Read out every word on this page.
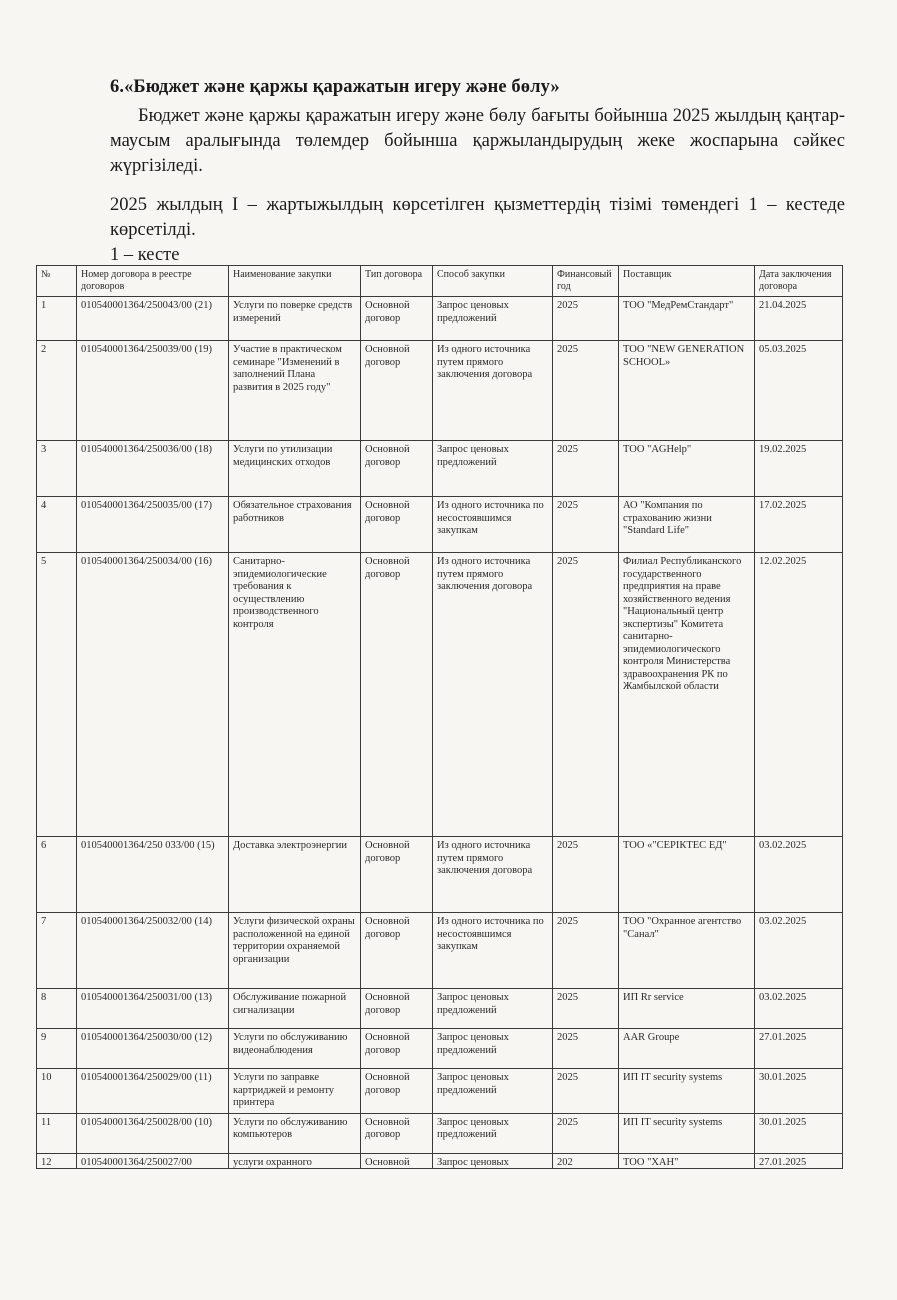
6.«Бюджет және қаржы қаражатын игеру және бөлу»
Бюджет және қаржы қаражатын игеру және бөлу бағыты бойынша 2025 жылдың қаңтар-маусым аралығында төлемдер бойынша қаржыландырудың жеке жоспарына сәйкес жүргізіледі.
2025 жылдың I – жартыжылдың көрсетілген қызметтердің тізімі төмендегі 1 – кестеде көрсетілді.
1 – кесте
№	Номер договора в реестре договоров	Наименование закупки	Тип договора	Способ закупки	Финансовый год	Поставщик	Дата заключения договора
1	010540001364/250043/00 (21)	Услуги по поверке средств измерений	Основной договор	Запрос ценовых предложений	2025	ТОО "МедРемСтандарт"	21.04.2025
2	010540001364/250039/00 (19)	Участие в практическом семинаре "Изменений в заполнений Плана развития в 2025 году"	Основной договор	Из одного источника путем прямого заключения договора	2025	ТОО "NEW GENERATION SCHOOL»	05.03.2025
3	010540001364/250036/00 (18)	Услуги по утилизации медицинских отходов	Основной договор	Запрос ценовых предложений	2025	ТОО "AGHelp"	19.02.2025
4	010540001364/250035/00 (17)	Обязательное страхования работников	Основной договор	Из одного источника по несостоявшимся закупкам	2025	АО "Компания по страхованию жизни "Standard Life"	17.02.2025
5	010540001364/250034/00 (16)	Санитарно-эпидемиологические требования к осуществлению производственного контроля	Основной договор	Из одного источника путем прямого заключения договора	2025	Филиал Республиканского государственного предприятия на праве хозяйственного ведения "Национальный центр экспертизы" Комитета санитарно-эпидемиологического контроля Министерства здравоохранения РК по Жамбылской области	12.02.2025
6	010540001364/250 033/00 (15)	Доставка электроэнергии	Основной договор	Из одного источника путем прямого заключения договора	2025	ТОО «"СЕРІКТЕС ЕД"	03.02.2025
7	010540001364/250032/00 (14)	Услуги физической охраны расположенной на единой территории охраняемой организации	Основной договор	Из одного источника по несостоявшимся закупкам	2025	ТОО "Охранное агентство "Санал"	03.02.2025
8	010540001364/250031/00 (13)	Обслуживание пожарной сигнализации	Основной договор	Запрос ценовых предложений	2025	ИП Rr service	03.02.2025
9	010540001364/250030/00 (12)	Услуги по обслуживанию видеонаблюдения	Основной договор	Запрос ценовых предложений	2025	AAR Groupe	27.01.2025
10	010540001364/250029/00 (11)	Услуги по заправке картриджей и ремонту принтера	Основной договор	Запрос ценовых предложений	2025	ИП IT security systems	30.01.2025
11	010540001364/250028/00 (10)	Услуги по обслуживанию компьютеров	Основной договор	Запрос ценовых предложений	2025	ИП IT security systems	30.01.2025
12	010540001364/250027/00	услуги охранного	Основной	Запрос ценовых	202	ТОО "ХАН"	27.01.2025
